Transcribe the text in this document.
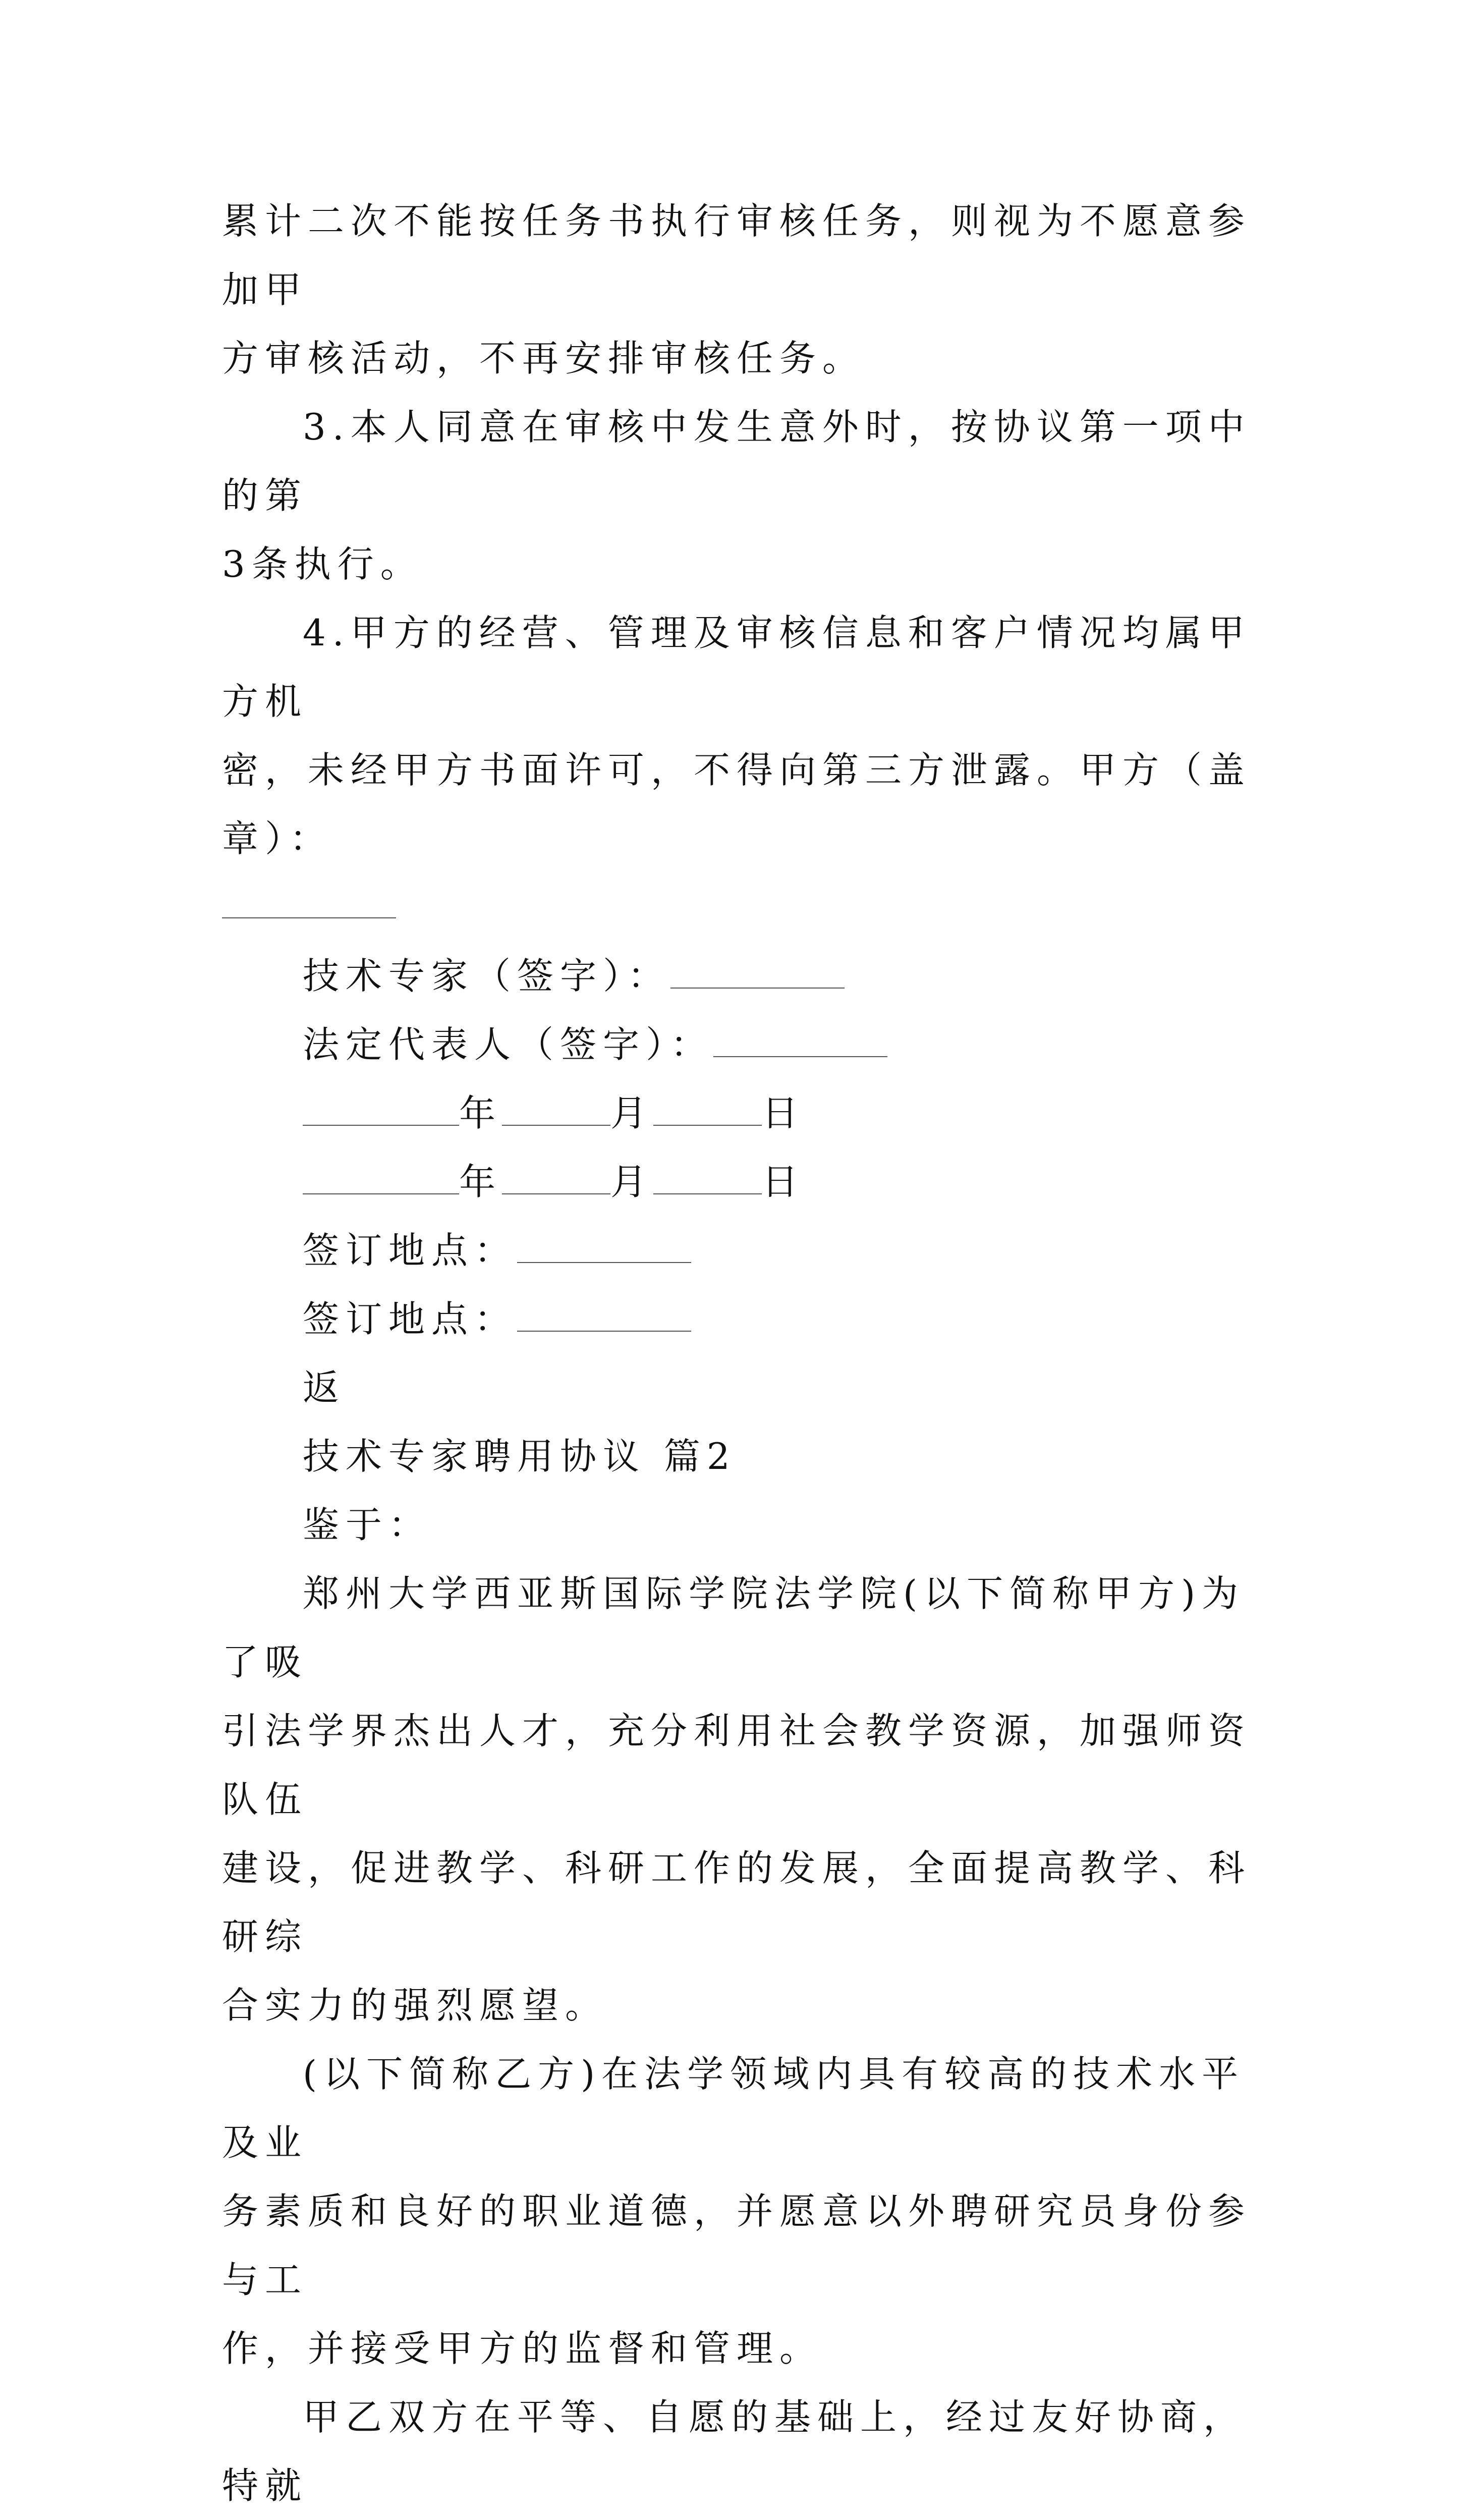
累计二次不能按任务书执行审核任务，则视为不愿意参加甲

方审核活动，不再安排审核任务。

3.本人同意在审核中发生意外时，按协议第一项中的第

3条执行。

4.甲方的经营、管理及审核信息和客户情况均属甲方机

密，未经甲方书面许可，不得向第三方泄露。甲方（盖章）：

技术专家（签字）：

法定代表人（签字）：

年	月	日

年	月	日

签订地点：

签订地点：

返

技术专家聘用协议 篇2

鉴于：

郑州大学西亚斯国际学院法学院(以下简称甲方)为了吸

引法学界杰出人才，充分利用社会教学资源，加强师资队伍

建设，促进教学、科研工作的发展，全面提高教学、科研综

合实力的强烈愿望。

(以下简称乙方)在法学领域内具有较高的技术水平及业

务素质和良好的职业道德，并愿意以外聘研究员身份参与工

作，并接受甲方的监督和管理。

甲乙双方在平等、自愿的基础上，经过友好协商，特就
